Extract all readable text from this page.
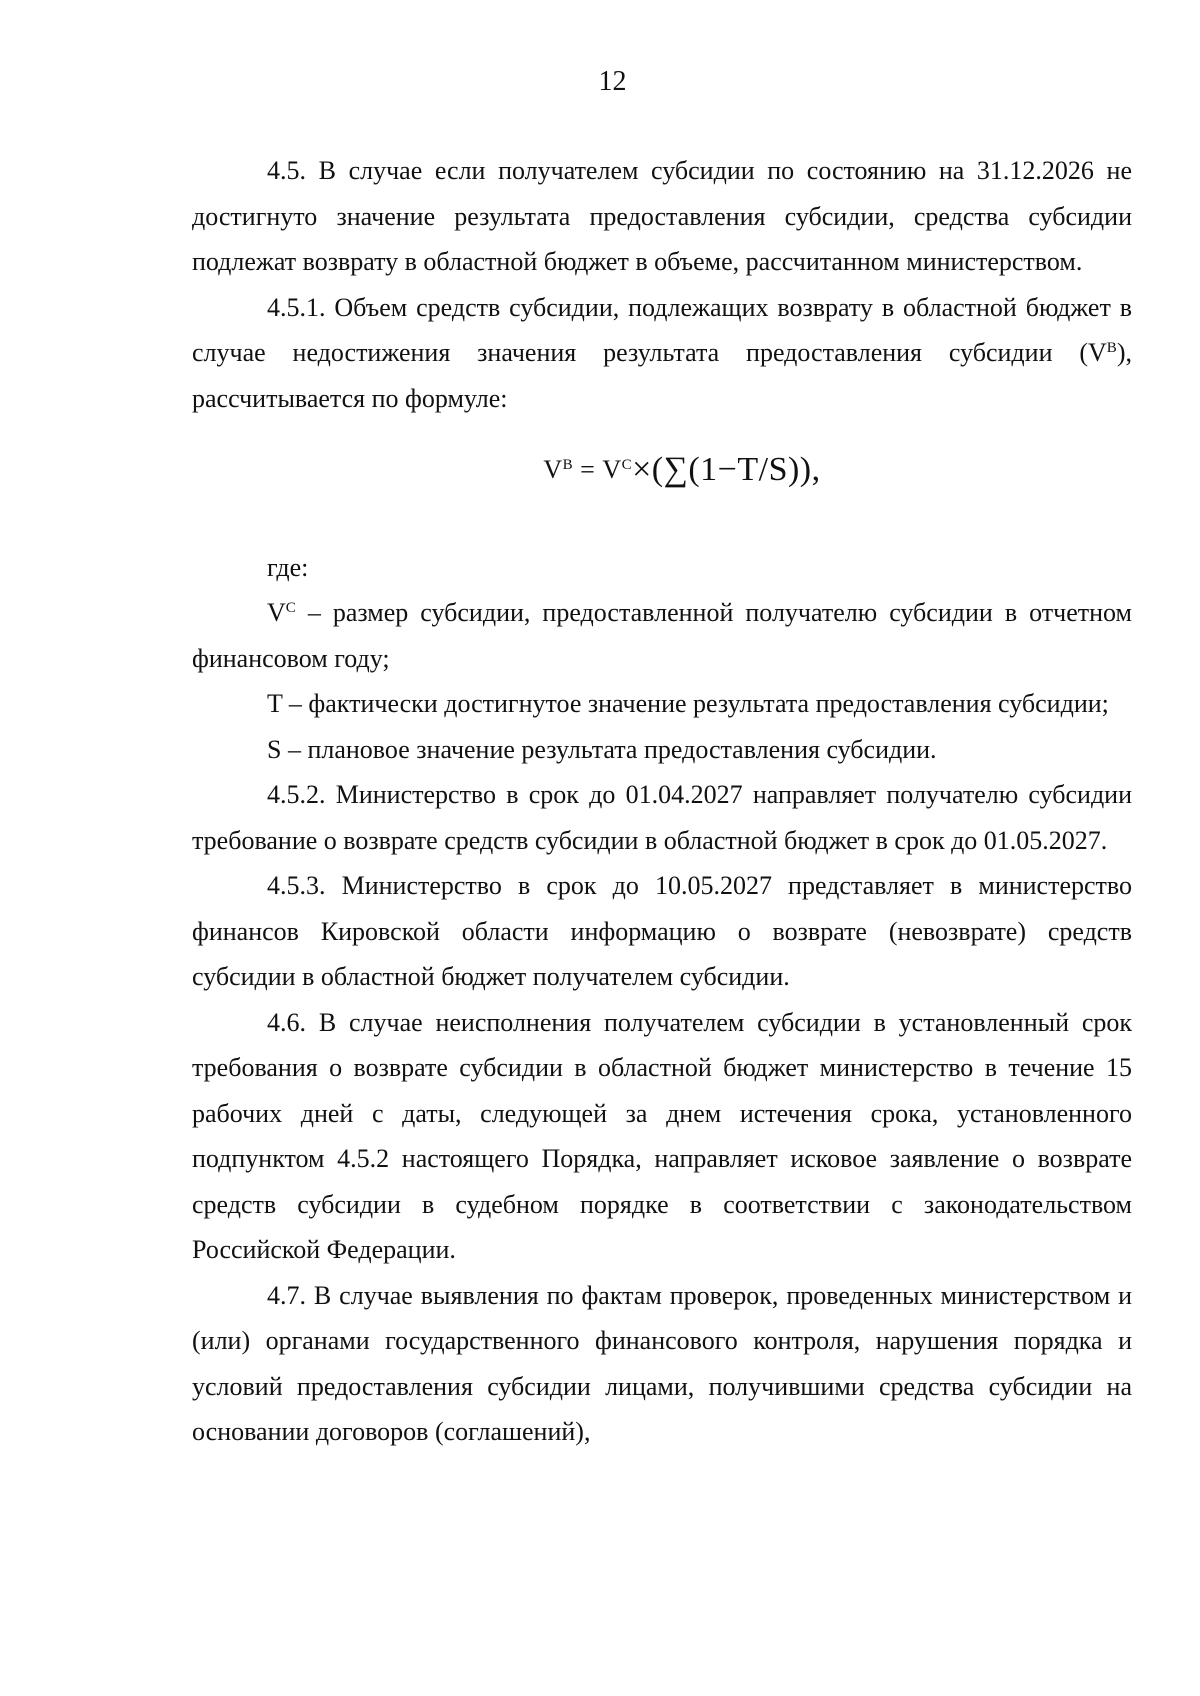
12

4.5. В случае если получателем субсидии по состоянию на 31.12.2026 не достигнуто значение результата предоставления субсидии, средства субсидии подлежат возврату в областной бюджет в объеме, рассчитанном министерством.

4.5.1. Объем средств субсидии, подлежащих возврату в областной бюджет в случае недостижения значения результата предоставления субсидии $(V^В)$, рассчитывается по формуле:

$V^В = V^С\times(\sum(1-T/S))$,

где:

$V^С$ – размер субсидии, предоставленной получателю субсидии в отчетном финансовом году;

T – фактически достигнутое значение результата предоставления субсидии;

S – плановое значение результата предоставления субсидии.

4.5.2. Министерство в срок до 01.04.2027 направляет получателю субсидии требование о возврате средств субсидии в областной бюджет в срок до 01.05.2027.

4.5.3. Министерство в срок до 10.05.2027 представляет в министерство финансов Кировской области информацию о возврате (невозврате) средств субсидии в областной бюджет получателем субсидии.

4.6. В случае неисполнения получателем субсидии в установленный срок требования о возврате субсидии в областной бюджет министерство в течение 15 рабочих дней с даты, следующей за днем истечения срока, установленного подпунктом 4.5.2 настоящего Порядка, направляет исковое заявление о возврате средств субсидии в судебном порядке в соответствии с законодательством Российской Федерации.

4.7. В случае выявления по фактам проверок, проведенных министерством и (или) органами государственного финансового контроля, нарушения порядка и условий предоставления субсидии лицами, получившими средства субсидии на основании договоров (соглашений),
